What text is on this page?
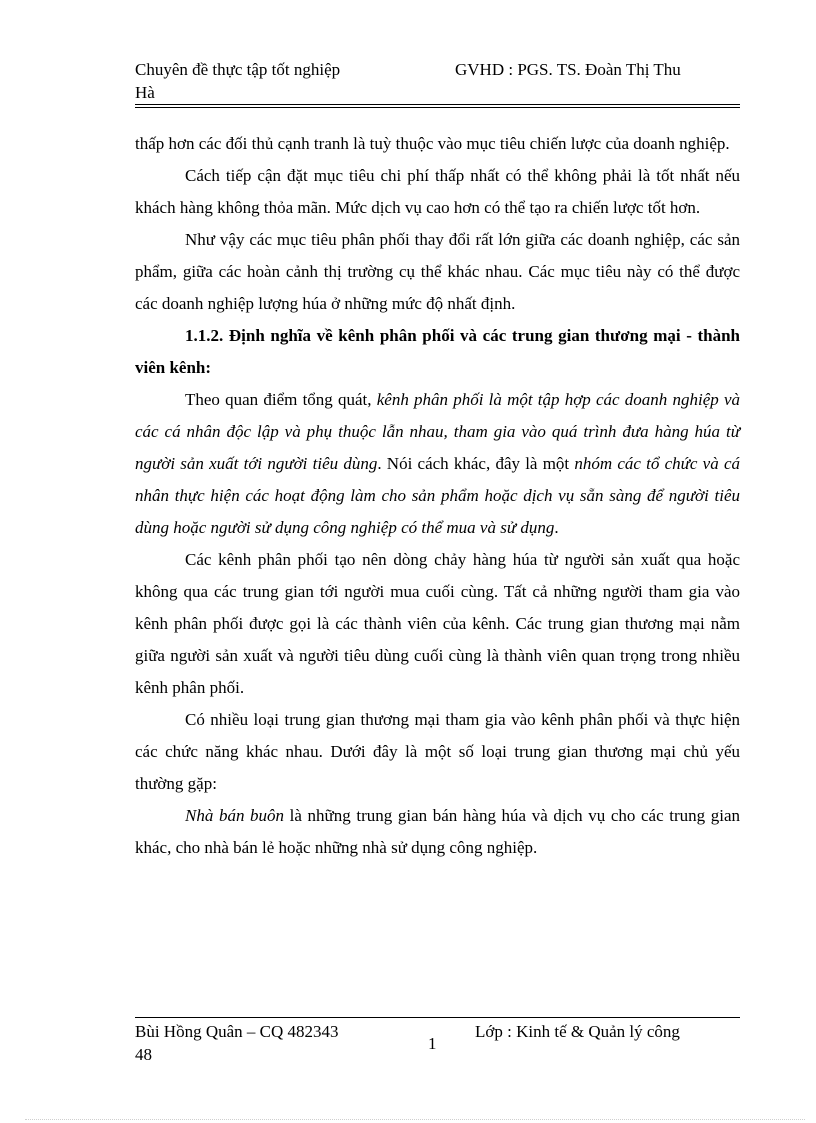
Chuyên đề thực tập tốt nghiệp	GVHD : PGS. TS. Đoàn Thị Thu
Hà

thấp hơn các đối thủ cạnh tranh là tuỳ thuộc vào mục tiêu chiến lược của doanh nghiệp.

Cách tiếp cận đặt mục tiêu chi phí thấp nhất có thể không phải là tốt nhất nếu khách hàng không thỏa mãn. Mức dịch vụ cao hơn có thể tạo ra chiến lược tốt hơn.

Như vậy các mục tiêu phân phối thay đổi rất lớn giữa các doanh nghiệp, các sản phẩm, giữa các hoàn cảnh thị trường cụ thể khác nhau. Các mục tiêu này có thể được các doanh nghiệp lượng húa ở những mức độ nhất định.

1.1.2. Định nghĩa về kênh phân phối và các trung gian thương mại - thành viên kênh:

Theo quan điểm tổng quát, kênh phân phối là một tập hợp các doanh nghiệp và các cá nhân độc lập và phụ thuộc lẫn nhau, tham gia vào quá trình đưa hàng húa từ người sản xuất tới người tiêu dùng. Nói cách khác, đây là một nhóm các tổ chức và cá nhân thực hiện các hoạt động làm cho sản phẩm hoặc dịch vụ sẵn sàng để người tiêu dùng hoặc người sử dụng công nghiệp có thể mua và sử dụng.

Các kênh phân phối tạo nên dòng chảy hàng húa từ người sản xuất qua hoặc không qua các trung gian tới người mua cuối cùng. Tất cả những người tham gia vào kênh phân phối được gọi là các thành viên của kênh. Các trung gian thương mại nằm giữa người sản xuất và người tiêu dùng cuối cùng là thành viên quan trọng trong nhiều kênh phân phối.

Có nhiều loại trung gian thương mại tham gia vào kênh phân phối và thực hiện các chức năng khác nhau. Dưới đây là một số loại trung gian thương mại chủ yếu thường gặp:

Nhà bán buôn là những trung gian bán hàng húa và dịch vụ cho các trung gian khác, cho nhà bán lẻ hoặc những nhà sử dụng công nghiệp.

Bùi Hồng Quân – CQ 482343
1
Lớp : Kinh tế & Quản lý công
48
